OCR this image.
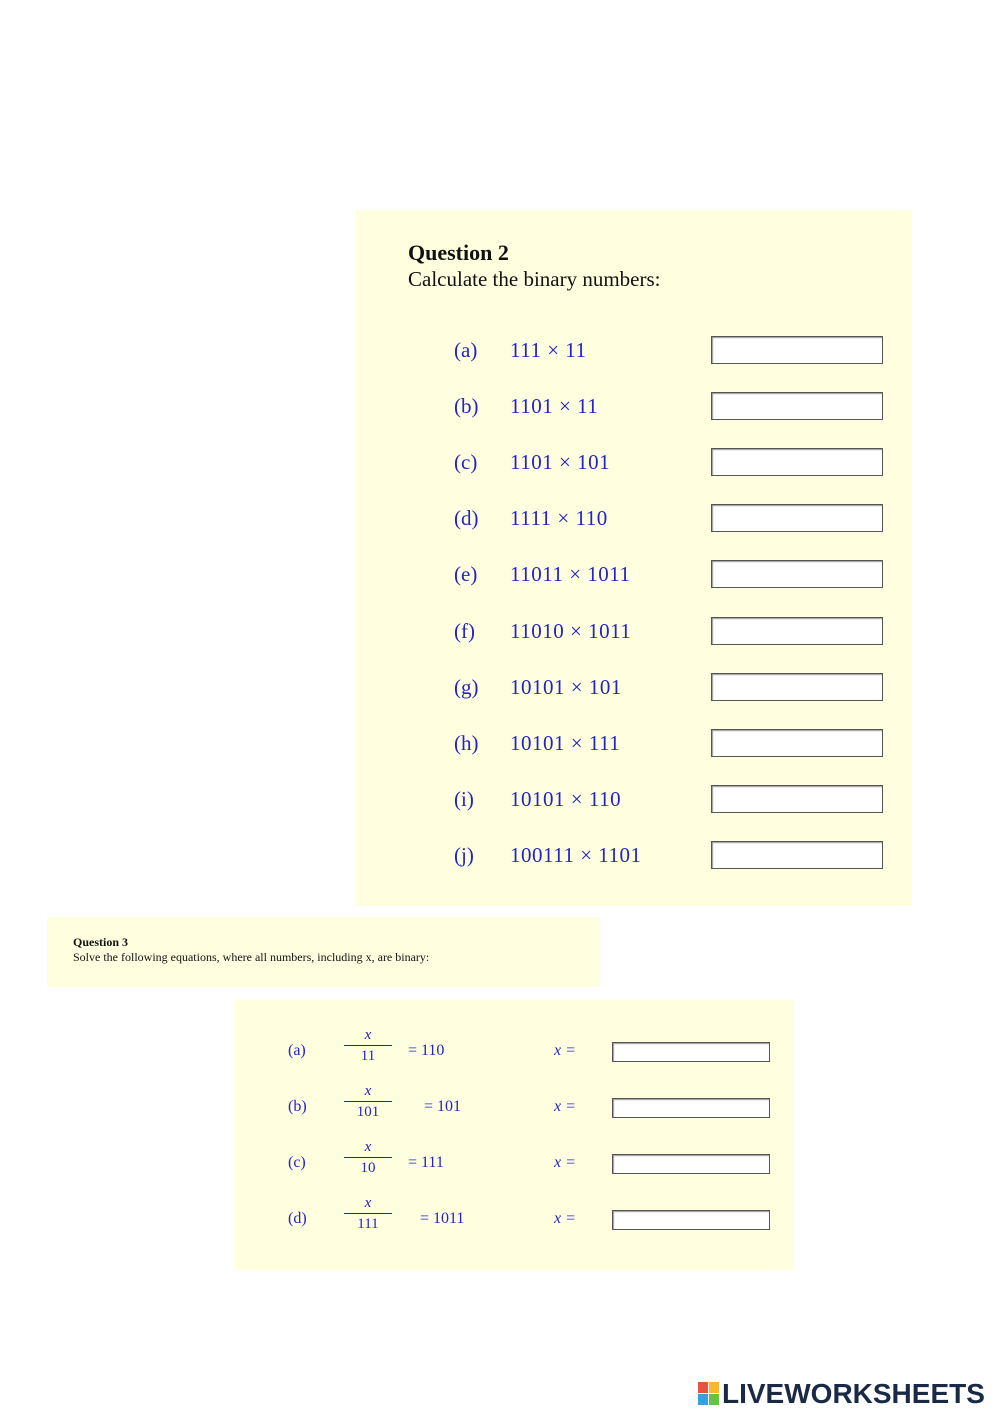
Question 2
Calculate the binary numbers:
(a) 111 × 11
(b) 1101 × 11
(c) 1101 × 101
(d) 1111 × 110
(e) 11011 × 1011
(f) 11010 × 1011
(g) 10101 × 101
(h) 10101 × 111
(i) 10101 × 110
(j) 100111 × 1101
Question 3
Solve the following equations, where all numbers, including x, are binary:
(a)
x
11	= 110	x =
(b)
x
101	= 101	x =
(c)
x
10	= 111	x =
(d)
x
111	= 1011	x =
LIVEWORKSHEETS
